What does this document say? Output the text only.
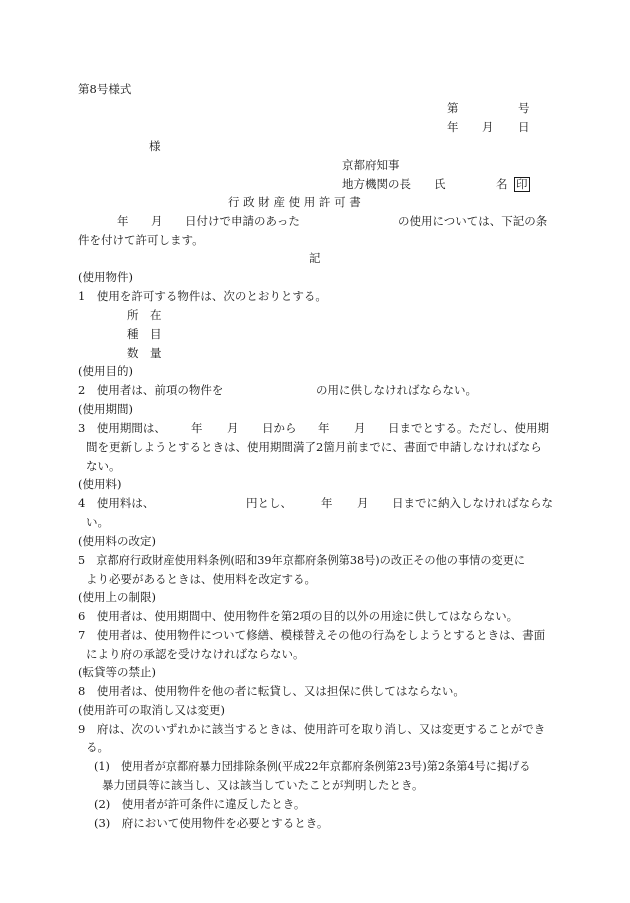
第8号様式
第	号
年 月 日
様
京都府知事
地方機関の長 氏	名 印
行 政 財 産 使 用 許 可 書
年 月 日付けで申請のあった	の使用については、下記の条
件を付けて許可します。
記
(使用物件)
1　使用を許可する物件は、次のとおりとする。
所　在
種　目
数　量
(使用目的)
2　使用者は、前項の物件を	の用に供しなければならない。
(使用期間)
3　使用期間は、 年 月 日から 年 月 日までとする。ただし、使用期
間を更新しようとするときは、使用期間満了2箇月前までに、書面で申請しなければなら
ない。
(使用料)
4　使用料は、	円とし、	年 月 日までに納入しなければならな
い。
(使用料の改定)
5　京都府行政財産使用料条例(昭和39年京都府条例第38号)の改正その他の事情の変更に
より必要があるときは、使用料を改定する。
(使用上の制限)
6　使用者は、使用期間中、使用物件を第2項の目的以外の用途に供してはならない。
7　使用者は、使用物件について修繕、模様替えその他の行為をしようとするときは、書面
により府の承認を受けなければならない。
(転貸等の禁止)
8　使用者は、使用物件を他の者に転貸し、又は担保に供してはならない。
(使用許可の取消し又は変更)
9　府は、次のいずれかに該当するときは、使用許可を取り消し、又は変更することができ
る。
(1)　使用者が京都府暴力団排除条例(平成22年京都府条例第23号)第2条第4号に掲げる
暴力団員等に該当し、又は該当していたことが判明したとき。
(2)　使用者が許可条件に違反したとき。
(3)　府において使用物件を必要とするとき。
